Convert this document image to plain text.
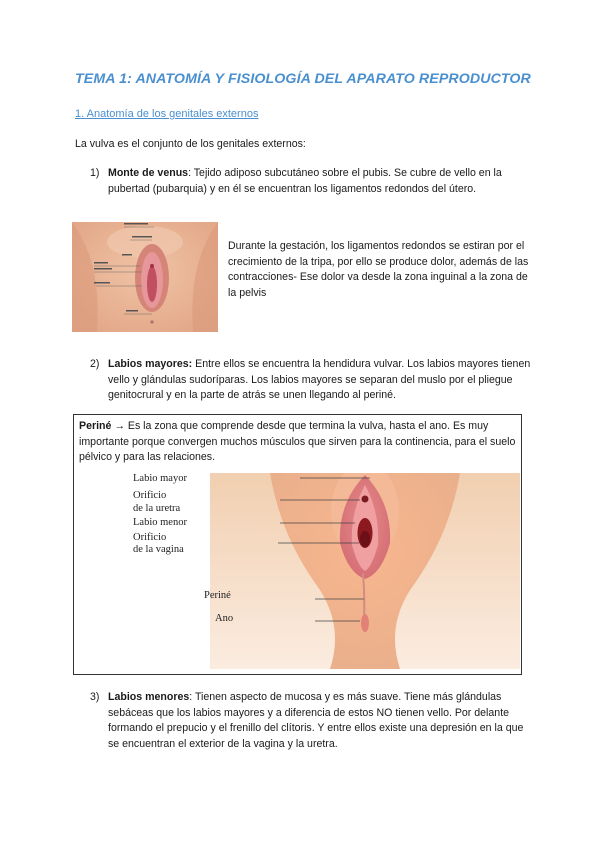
TEMA 1: ANATOMÍA Y FISIOLOGÍA DEL APARATO REPRODUCTOR
1. Anatomía de los genitales externos
La vulva es el conjunto de los genitales externos:
1) Monte de venus: Tejido adiposo subcutáneo sobre el pubis. Se cubre de vello en la pubertad (pubarquia) y en él se encuentran los ligamentos redondos del útero.
Durante la gestación, los ligamentos redondos se estiran por el crecimiento de la tripa, por ello se produce dolor, además de las contracciones- Ese dolor va desde la zona inguinal a la zona de la pelvis
2) Labios mayores: Entre ellos se encuentra la hendidura vulvar. Los labios mayores tienen vello y glándulas sudoríparas. Los labios mayores se separan del muslo por el pliegue genitocrural y en la parte de atrás se unen llegando al periné.
Periné → Es la zona que comprende desde que termina la vulva, hasta el ano. Es muy importante porque convergen muchos músculos que sirven para la continencia, para el suelo pélvico y para las relaciones.
Labio mayor
Orificio
de la uretra
Labio menor
Orificio
de la vagina
Periné
Ano
3) Labios menores: Tienen aspecto de mucosa y es más suave. Tiene más glándulas sebáceas que los labios mayores y a diferencia de estos NO tienen vello. Por delante formando el prepucio y el frenillo del clítoris. Y entre ellos existe una depresión en la que se encuentran el exterior de la vagina y la uretra.
